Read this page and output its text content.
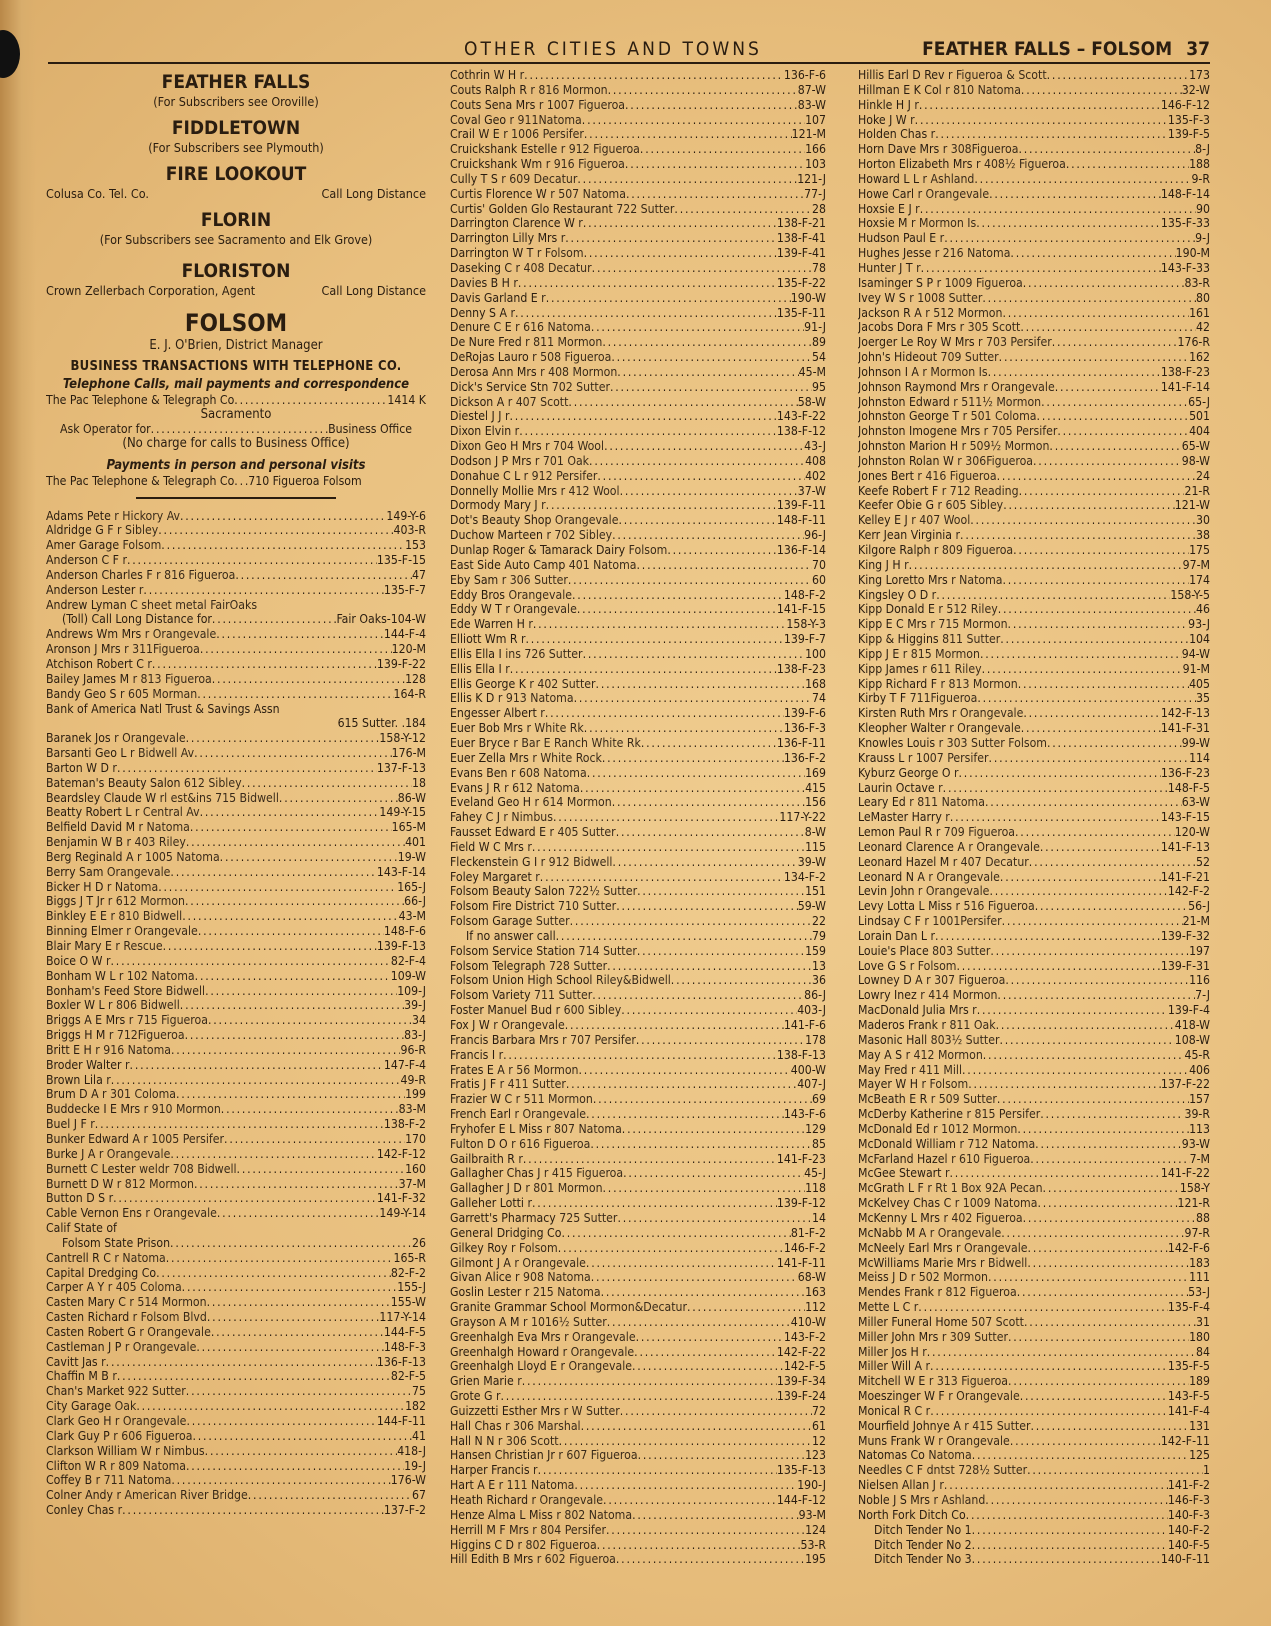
OTHER CITIES AND TOWNS	FEATHER FALLS – FOLSOM 37
FEATHER FALLS
(For Subscribers see Oroville)
FIDDLETOWN
(For Subscribers see Plymouth)
FIRE LOOKOUT
Colusa Co. Tel. Co.	Call Long Distance
FLORIN
(For Subscribers see Sacramento and Elk Grove)
FLORISTON
Crown Zellerbach Corporation, Agent	Call Long Distance
FOLSOM
E. J. O'Brien, District Manager
BUSINESS TRANSACTIONS WITH TELEPHONE CO.
Telephone Calls, mail payments and correspondence
The Pac Telephone & Telegraph Co .....	1414 K
Sacramento
Ask Operator for .....	Business Office
(No charge for calls to Business Office)
Payments in person and personal visits
The Pac Telephone & Telegraph Co ..... 710 Figueroa Folsom
Adams Pete r Hickory Av .....	149-Y-6
Aldridge G F r Sibley .....	403-R
Amer Garage Folsom .....	153
Anderson C F r .....	135-F-15
Anderson Charles F r 816 Figueroa .....	47
Anderson Lester r .....	135-F-7
Andrew Lyman C sheet metal FairOaks
(Toll) Call Long Distance for .....	Fair Oaks-104-W
Andrews Wm Mrs r Orangevale .....	144-F-4
Aronson J Mrs r 311Figueroa .....	120-M
Atchison Robert C r .....	139-F-22
Bailey James M r 813 Figueroa .....	128
Bandy Geo S r 605 Morman .....	164-R
Bank of America Natl Trust & Savings Assn
615 Sutter. .184
Baranek Jos r Orangevale .....	158-Y-12
Barsanti Geo L r Bidwell Av .....	176-M
Barton W D r .....	137-F-13
Bateman's Beauty Salon 612 Sibley .....	18
Beardsley Claude W rl est&ins 715 Bidwell .....	86-W
Beatty Robert L r Central Av .....	149-Y-15
Belfield David M r Natoma .....	165-M
Benjamin W B r 403 Riley .....	401
Berg Reginald A r 1005 Natoma .....	19-W
Berry Sam Orangevale .....	143-F-14
Bicker H D r Natoma .....	165-J
Biggs J T Jr r 612 Mormon .....	66-J
Binkley E E r 810 Bidwell .....	43-M
Binning Elmer r Orangevale .....	148-F-6
Blair Mary E r Rescue .....	139-F-13
Boice O W r .....	82-F-4
Bonham W L r 102 Natoma .....	109-W
Bonham's Feed Store Bidwell .....	109-J
Boxler W L r 806 Bidwell .....	39-J
Briggs A E Mrs r 715 Figueroa .....	34
Briggs H M r 712Figueroa .....	83-J
Britt E H r 916 Natoma .....	96-R
Broder Walter r .....	147-F-4
Brown Lila r .....	49-R
Brum D A r 301 Coloma .....	199
Buddecke I E Mrs r 910 Mormon .....	83-M
Buel J F r .....	138-F-2
Bunker Edward A r 1005 Persifer .....	170
Burke J A r Orangevale .....	142-F-12
Burnett C Lester weldr 708 Bidwell .....	160
Burnett D W r 812 Mormon .....	37-M
Button D S r .....	141-F-32
Cable Vernon Ens r Orangevale .....	149-Y-14
Calif State of
Folsom State Prison .....	26
Cantrell R C r Natoma .....	165-R
Capital Dredging Co .....	82-F-2
Carper A Y r 405 Coloma .....	155-J
Casten Mary C r 514 Mormon .....	155-W
Casten Richard r Folsom Blvd .....	117-Y-14
Casten Robert G r Orangevale .....	144-F-5
Castleman J P r Orangevale .....	148-F-3
Cavitt Jas r .....	136-F-13
Chaffin M B r .....	82-F-5
Chan's Market 922 Sutter .....	75
City Garage Oak .....	182
Clark Geo H r Orangevale .....	144-F-11
Clark Guy P r 606 Figueroa .....	41
Clarkson William W r Nimbus .....	418-J
Clifton W R r 809 Natoma .....	19-J
Coffey B r 711 Natoma .....	176-W
Colner Andy r American River Bridge .....	67
Conley Chas r .....	137-F-2
Cothrin W H r .....	136-F-6
Couts Ralph R r 816 Mormon .....	87-W
Couts Sena Mrs r 1007 Figueroa .....	83-W
Coval Geo r 911Natoma .....	107
Crail W E r 1006 Persifer .....	121-M
Cruickshank Estelle r 912 Figueroa .....	166
Cruickshank Wm r 916 Figueroa .....	103
Cully T S r 609 Decatur .....	121-J
Curtis Florence W r 507 Natoma .....	77-J
Curtis' Golden Glo Restaurant 722 Sutter .....	28
Darrington Clarence W r .....	138-F-21
Darrington Lilly Mrs r .....	138-F-41
Darrington W T r Folsom .....	139-F-41
Daseking C r 408 Decatur .....	78
Davies B H r .....	135-F-22
Davis Garland E r .....	190-W
Denny S A r .....	135-F-11
Denure C E r 616 Natoma .....	91-J
De Nure Fred r 811 Mormon .....	89
DeRojas Lauro r 508 Figueroa .....	54
Derosa Ann Mrs r 408 Mormon .....	45-M
Dick's Service Stn 702 Sutter .....	95
Dickson A r 407 Scott .....	58-W
Diestel J J r .....	143-F-22
Dixon Elvin r .....	138-F-12
Dixon Geo H Mrs r 704 Wool .....	43-J
Dodson J P Mrs r 701 Oak .....	408
Donahue C L r 912 Persifer .....	402
Donnelly Mollie Mrs r 412 Wool .....	37-W
Dormody Mary J r .....	139-F-11
Dot's Beauty Shop Orangevale .....	148-F-11
Duchow Marteen r 702 Sibley .....	96-J
Dunlap Roger & Tamarack Dairy Folsom .....	136-F-14
East Side Auto Camp 401 Natoma .....	70
Eby Sam r 306 Sutter .....	60
Eddy Bros Orangevale .....	148-F-2
Eddy W T r Orangevale .....	141-F-15
Ede Warren H r .....	158-Y-3
Elliott Wm R r .....	139-F-7
Ellis Ella I ins 726 Sutter .....	100
Ellis Ella I r .....	138-F-23
Ellis George K r 402 Sutter .....	168
Ellis K D r 913 Natoma .....	74
Engesser Albert r .....	139-F-6
Euer Bob Mrs r White Rk .....	136-F-3
Euer Bryce r Bar E Ranch White Rk .....	136-F-11
Euer Zella Mrs r White Rock .....	136-F-2
Evans Ben r 608 Natoma .....	169
Evans J R r 612 Natoma .....	415
Eveland Geo H r 614 Mormon .....	156
Fahey C J r Nimbus .....	117-Y-22
Fausset Edward E r 405 Sutter .....	8-W
Field W C Mrs r .....	115
Fleckenstein G I r 912 Bidwell .....	39-W
Foley Margaret r .....	134-F-2
Folsom Beauty Salon 722½ Sutter .....	151
Folsom Fire District 710 Sutter .....	59-W
Folsom Garage Sutter .....	22
If no answer call .....	79
Folsom Service Station 714 Sutter .....	159
Folsom Telegraph 728 Sutter .....	13
Folsom Union High School Riley&Bidwell .....	36
Folsom Variety 711 Sutter .....	86-J
Foster Manuel Bud r 600 Sibley .....	403-J
Fox J W r Orangevale .....	141-F-6
Francis Barbara Mrs r 707 Persifer .....	178
Francis I r .....	138-F-13
Frates E A r 56 Mormon .....	400-W
Fratis J F r 411 Sutter .....	407-J
Frazier W C r 511 Mormon .....	69
French Earl r Orangevale .....	143-F-6
Fryhofer E L Miss r 807 Natoma .....	129
Fulton D O r 616 Figueroa .....	85
Gailbraith R r .....	141-F-23
Gallagher Chas J r 415 Figueroa .....	45-J
Gallagher J D r 801 Mormon .....	118
Galleher Lotti r .....	139-F-12
Garrett's Pharmacy 725 Sutter .....	14
General Dridging Co .....	81-F-2
Gilkey Roy r Folsom .....	146-F-2
Gilmont J A r Orangevale .....	141-F-11
Givan Alice r 908 Natoma .....	68-W
Goslin Lester r 215 Natoma .....	163
Granite Grammar School Mormon&Decatur .....	112
Grayson A M r 1016½ Sutter .....	410-W
Greenhalgh Eva Mrs r Orangevale .....	143-F-2
Greenhalgh Howard r Orangevale .....	142-F-22
Greenhalgh Lloyd E r Orangevale .....	142-F-5
Grien Marie r .....	139-F-34
Grote G r .....	139-F-24
Guizzetti Esther Mrs r W Sutter .....	72
Hall Chas r 306 Marshal .....	61
Hall N N r 306 Scott .....	12
Hansen Christian Jr r 607 Figueroa .....	123
Harper Francis r .....	135-F-13
Hart A E r 111 Natoma .....	190-J
Heath Richard r Orangevale .....	144-F-12
Henze Alma L Miss r 802 Natoma .....	93-M
Herrill M F Mrs r 804 Persifer .....	124
Higgins C D r 802 Figueroa .....	53-R
Hill Edith B Mrs r 602 Figueroa .....	195
Hillis Earl D Rev r Figueroa & Scott .....	173
Hillman E K Col r 810 Natoma .....	32-W
Hinkle H J r .....	146-F-12
Hoke J W r .....	135-F-3
Holden Chas r .....	139-F-5
Horn Dave Mrs r 308Figueroa .....	8-J
Horton Elizabeth Mrs r 408½ Figueroa .....	188
Howard L L r Ashland .....	9-R
Howe Carl r Orangevale .....	148-F-14
Hoxsie E J r .....	90
Hoxsie M r Mormon Is .....	135-F-33
Hudson Paul E r .....	9-J
Hughes Jesse r 216 Natoma .....	190-M
Hunter J T r .....	143-F-33
Isaminger S P r 1009 Figueroa .....	83-R
Ivey W S r 1008 Sutter .....	80
Jackson R A r 512 Mormon .....	161
Jacobs Dora F Mrs r 305 Scott .....	42
Joerger Le Roy W Mrs r 703 Persifer .....	176-R
John's Hideout 709 Sutter .....	162
Johnson I A r Mormon Is .....	138-F-23
Johnson Raymond Mrs r Orangevale .....	141-F-14
Johnston Edward r 511½ Mormon .....	65-J
Johnston George T r 501 Coloma .....	501
Johnston Imogene Mrs r 705 Persifer .....	404
Johnston Marion H r 509½ Mormon .....	65-W
Johnston Rolan W r 306Figueroa .....	98-W
Jones Bert r 416 Figueroa .....	24
Keefe Robert F r 712 Reading .....	21-R
Keefer Obie G r 605 Sibley .....	121-W
Kelley E J r 407 Wool .....	30
Kerr Jean Virginia r .....	38
Kilgore Ralph r 809 Figueroa .....	175
King J H r .....	97-M
King Loretto Mrs r Natoma .....	174
Kingsley O D r .....	158-Y-5
Kipp Donald E r 512 Riley .....	46
Kipp E C Mrs r 715 Mormon .....	93-J
Kipp & Higgins 811 Sutter .....	104
Kipp J E r 815 Mormon .....	94-W
Kipp James r 611 Riley .....	91-M
Kipp Richard F r 813 Mormon .....	405
Kirby T F 711Figueroa .....	35
Kirsten Ruth Mrs r Orangevale .....	142-F-13
Kleopher Walter r Orangevale .....	141-F-31
Knowles Louis r 303 Sutter Folsom .....	99-W
Krauss L r 1007 Persifer .....	114
Kyburz George O r .....	136-F-23
Laurin Octave r .....	148-F-5
Leary Ed r 811 Natoma .....	63-W
LeMaster Harry r .....	143-F-15
Lemon Paul R r 709 Figueroa .....	120-W
Leonard Clarence A r Orangevale .....	141-F-13
Leonard Hazel M r 407 Decatur .....	52
Leonard N A r Orangevale .....	141-F-21
Levin John r Orangevale .....	142-F-2
Levy Lotta L Miss r 516 Figueroa .....	56-J
Lindsay C F r 1001Persifer .....	21-M
Lorain Dan L r .....	139-F-32
Louie's Place 803 Sutter .....	197
Love G S r Folsom .....	139-F-31
Lowney D A r 307 Figueroa .....	116
Lowry Inez r 414 Mormon .....	7-J
MacDonald Julia Mrs r .....	139-F-4
Maderos Frank r 811 Oak .....	418-W
Masonic Hall 803½ Sutter .....	108-W
May A S r 412 Mormon .....	45-R
May Fred r 411 Mill .....	406
Mayer W H r Folsom .....	137-F-22
McBeath E R r 509 Sutter .....	157
McDerby Katherine r 815 Persifer .....	39-R
McDonald Ed r 1012 Mormon .....	113
McDonald William r 712 Natoma .....	93-W
McFarland Hazel r 610 Figueroa .....	7-M
McGee Stewart r .....	141-F-22
McGrath L F r Rt 1 Box 92A Pecan .....	158-Y
McKelvey Chas C r 1009 Natoma .....	121-R
McKenny L Mrs r 402 Figueroa .....	88
McNabb M A r Orangevale .....	97-R
McNeely Earl Mrs r Orangevale .....	142-F-6
McWilliams Marie Mrs r Bidwell .....	183
Meiss J D r 502 Mormon .....	111
Mendes Frank r 812 Figueroa .....	53-J
Mette L C r .....	135-F-4
Miller Funeral Home 507 Scott .....	31
Miller John Mrs r 309 Sutter .....	180
Miller Jos H r .....	84
Miller Will A r .....	135-F-5
Mitchell W E r 313 Figueroa .....	189
Moeszinger W F r Orangevale .....	143-F-5
Monical R C r .....	141-F-4
Mourfield Johnye A r 415 Sutter .....	131
Muns Frank W r Orangevale .....	142-F-11
Natomas Co Natoma .....	125
Needles C F dntst 728½ Sutter .....	1
Nielsen Allan J r .....	141-F-2
Noble J S Mrs r Ashland .....	146-F-3
North Fork Ditch Co .....	140-F-3
Ditch Tender No 1 .....	140-F-2
Ditch Tender No 2 .....	140-F-5
Ditch Tender No 3 .....	140-F-11
